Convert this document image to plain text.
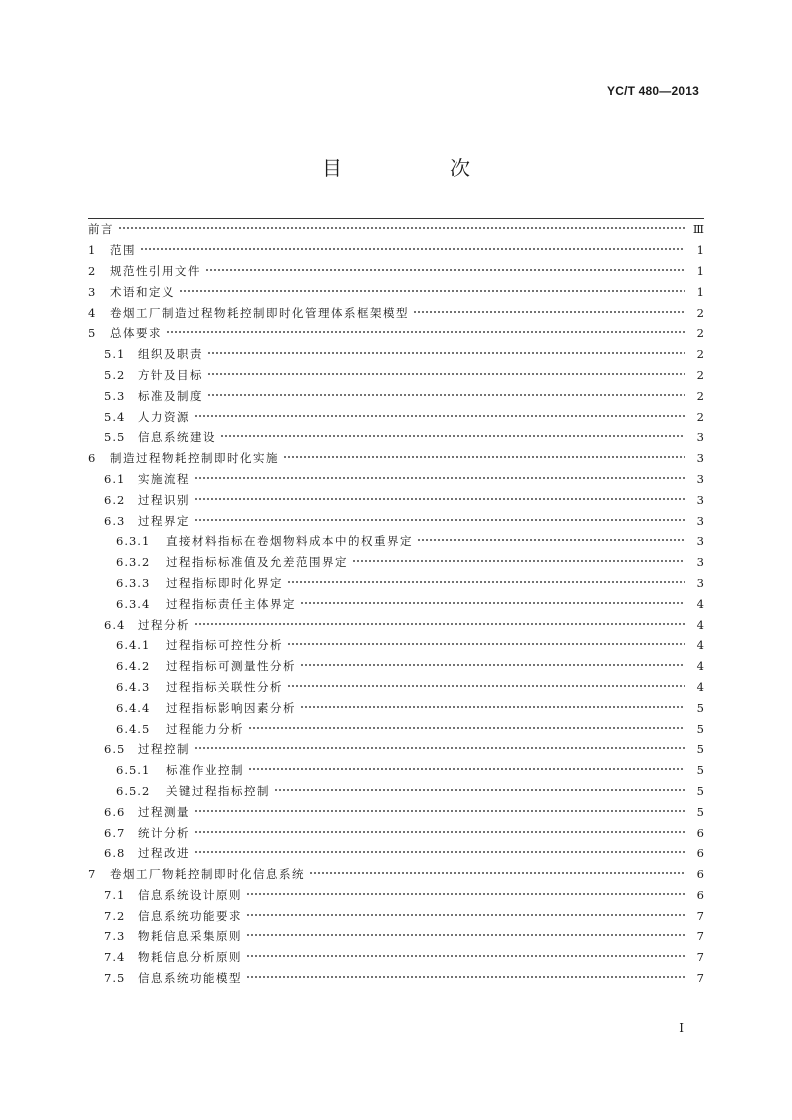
YC/T 480—2013
目　次
前言	Ⅲ
1	范围	1
2	规范性引用文件	1
3	术语和定义	1
4	卷烟工厂制造过程物耗控制即时化管理体系框架模型	2
5	总体要求	2
5.1	组织及职责	2
5.2	方针及目标	2
5.3	标准及制度	2
5.4	人力资源	2
5.5	信息系统建设	3
6	制造过程物耗控制即时化实施	3
6.1	实施流程	3
6.2	过程识别	3
6.3	过程界定	3
6.3.1	直接材料指标在卷烟物料成本中的权重界定	3
6.3.2	过程指标标准值及允差范围界定	3
6.3.3	过程指标即时化界定	3
6.3.4	过程指标责任主体界定	4
6.4	过程分析	4
6.4.1	过程指标可控性分析	4
6.4.2	过程指标可测量性分析	4
6.4.3	过程指标关联性分析	4
6.4.4	过程指标影响因素分析	5
6.4.5	过程能力分析	5
6.5	过程控制	5
6.5.1	标准作业控制	5
6.5.2	关键过程指标控制	5
6.6	过程测量	5
6.7	统计分析	6
6.8	过程改进	6
7	卷烟工厂物耗控制即时化信息系统	6
7.1	信息系统设计原则	6
7.2	信息系统功能要求	7
7.3	物耗信息采集原则	7
7.4	物耗信息分析原则	7
7.5	信息系统功能模型	7
I
